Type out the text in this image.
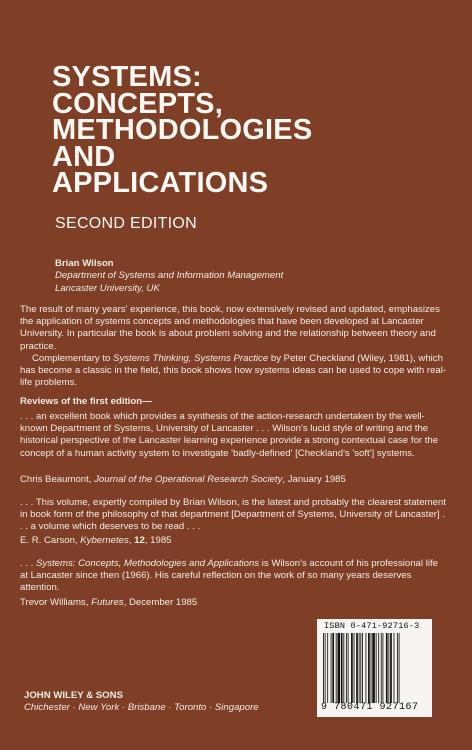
SYSTEMS:
CONCEPTS,
METHODOLOGIES
AND
APPLICATIONS
SECOND EDITION
Brian Wilson
Department of Systems and Information Management
Lancaster University, UK

The result of many years' experience, this book, now extensively revised and updated, emphasizes the application of systems concepts and methodologies that have been developed at Lancaster University. In particular the book is about problem solving and the relationship between theory and practice.

Complementary to Systems Thinking, Systems Practice by Peter Checkland (Wiley, 1981), which has become a classic in the field, this book shows how systems ideas can be used to cope with real-life problems.

Reviews of the first edition—

. . . an excellent book which provides a synthesis of the action-research undertaken by the well-known Department of Systems, University of Lancaster . . . Wilson's lucid style of writing and the historical perspective of the Lancaster learning experience provide a strong contextual case for the concept of a human activity system to investigate 'badly-defined' [Checkland's 'soft'] systems.

Chris Beaumont, Journal of the Operational Research Society, January 1985

. . . This volume, expertly compiled by Brian Wilson, is the latest and probably the clearest statement in book form of the philosophy of that department [Department of Systems, University of Lancaster] . . . a volume which deserves to be read . . .

E. R. Carson, Kybernetes, 12, 1985

. . . Systems: Concepts, Methodologies and Applications is Wilson's account of his professional life at Lancaster since then (1966). His careful reflection on the work of so many years deserves attention.

Trevor Williams, Futures, December 1985
JOHN WILEY & SONS
Chichester · New York · Brisbane · Toronto · Singapore
ISBN 0-471-92716-3
9 780471 927167
